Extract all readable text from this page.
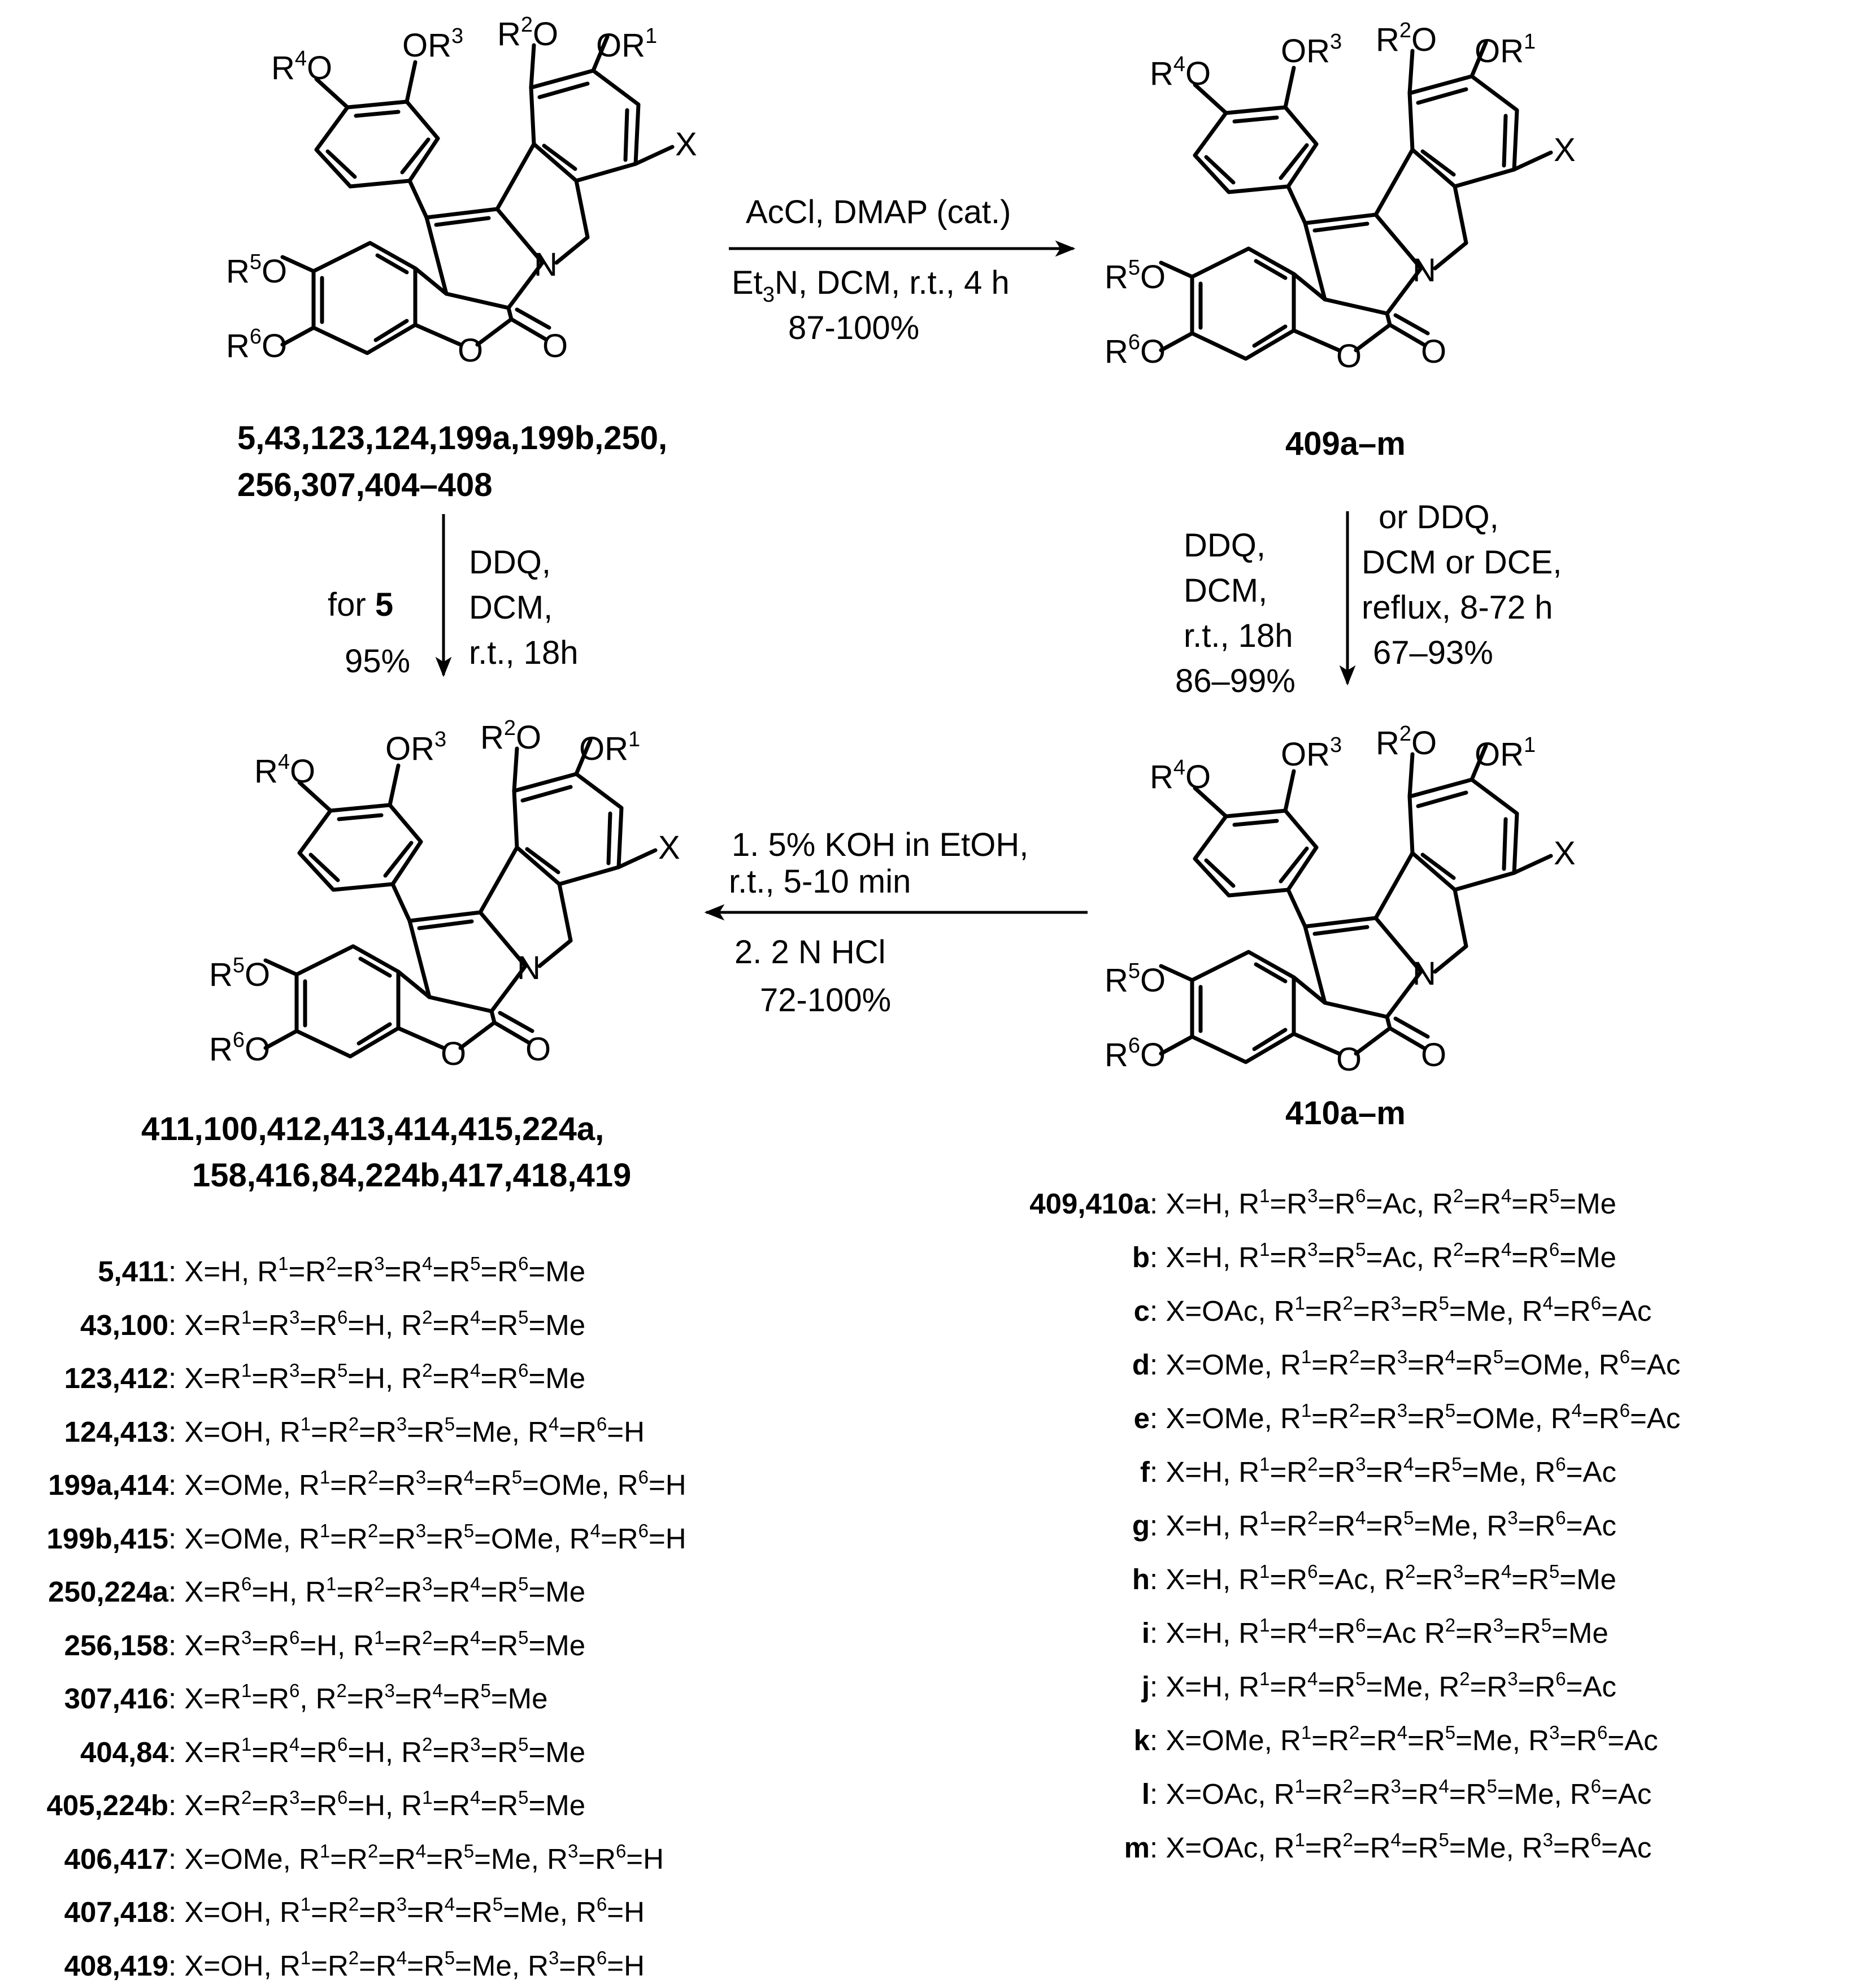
$R^4O$
$OR^3$ $R^2O$ $OR^1$
X
N
$R^5O$
$R^6O$	O O
5,43,123,124,199a,199b,250,
256,307,404–408
$R^4O$
$OR^3$ $R^2O$ $OR^1$
X
N
$R^5O$
$R^6O$	O O
409a–m
$R^4O$
$OR^3$ $R^2O$ $OR^1$
X
N
$R^5O$
$R^6O$	O O
410a–m
$R^4O$
$OR^3$ $R^2O$ $OR^1$
X
N
$R^5O$
$R^6O$	O O
411,100,412,413,414,415,224a,
158,416,84,224b,417,418,419
AcCl, DMAP (cat.)
$Et_3N$, DCM, r.t., 4 h
87-100%
for 5
95%
DDQ,
DCM,
r.t., 18h
DDQ,
DCM,
r.t., 18h
86–99%
or DDQ,
DCM or DCE,
reflux, 8-72 h
67–93%
1. 5% KOH in EtOH,
r.t., 5-10 min
2. 2 N HCl
72-100%
5,411: X=H, $R^1=R^2=R^3=R^4=R^5=R^6=Me$
43,100: $X=R^1=R^3=R^6=H$, $R^2=R^4=R^5=Me$
123,412: $X=R^1=R^3=R^5=H$, $R^2=R^4=R^6=Me$
124,413: X=OH, $R^1=R^2=R^3=R^5=Me$, $R^4=R^6=H$
199a,414: X=OMe, $R^1=R^2=R^3=R^4=R^5=OMe$, $R^6=H$
199b,415: X=OMe, $R^1=R^2=R^3=R^5=OMe$, $R^4=R^6=H$
250,224a: $X=R^6=H$, $R^1=R^2=R^3=R^4=R^5=Me$
256,158: $X=R^3=R^6=H$, $R^1=R^2=R^4=R^5=Me$
307,416: $X=R^1=R^6$, $R^2=R^3=R^4=R^5=Me$
404,84: $X=R^1=R^4=R^6=H$, $R^2=R^3=R^5=Me$
405,224b: $X=R^2=R^3=R^6=H$, $R^1=R^4=R^5=Me$
406,417: X=OMe, $R^1=R^2=R^4=R^5=Me$, $R^3=R^6=H$
407,418: X=OH, $R^1=R^2=R^3=R^4=R^5=Me$, $R^6=H$
408,419: X=OH, $R^1=R^2=R^4=R^5=Me$, $R^3=R^6=H$
409,410a: X=H, $R^1=R^3=R^6=Ac$, $R^2=R^4=R^5=Me$
b: X=H, $R^1=R^3=R^5=Ac$, $R^2=R^4=R^6=Me$
c: X=OAc, $R^1=R^2=R^3=R^5=Me$, $R^4=R^6=Ac$
d: X=OMe, $R^1=R^2=R^3=R^4=R^5=OMe$, $R^6=Ac$
e: X=OMe, $R^1=R^2=R^3=R^5=OMe$, $R^4=R^6=Ac$
f: X=H, $R^1=R^2=R^3=R^4=R^5=Me$, $R^6=Ac$
g: X=H, $R^1=R^2=R^4=R^5=Me$, $R^3=R^6=Ac$
h: X=H, $R^1=R^6=Ac$, $R^2=R^3=R^4=R^5=Me$
i: X=H, $R^1=R^4=R^6=Ac$ $R^2=R^3=R^5=Me$
j: X=H, $R^1=R^4=R^5=Me$, $R^2=R^3=R^6=Ac$
k: X=OMe, $R^1=R^2=R^4=R^5=Me$, $R^3=R^6=Ac$
l: X=OAc, $R^1=R^2=R^3=R^4=R^5=Me$, $R^6=Ac$
m: X=OAc, $R^1=R^2=R^4=R^5=Me$, $R^3=R^6=Ac$
